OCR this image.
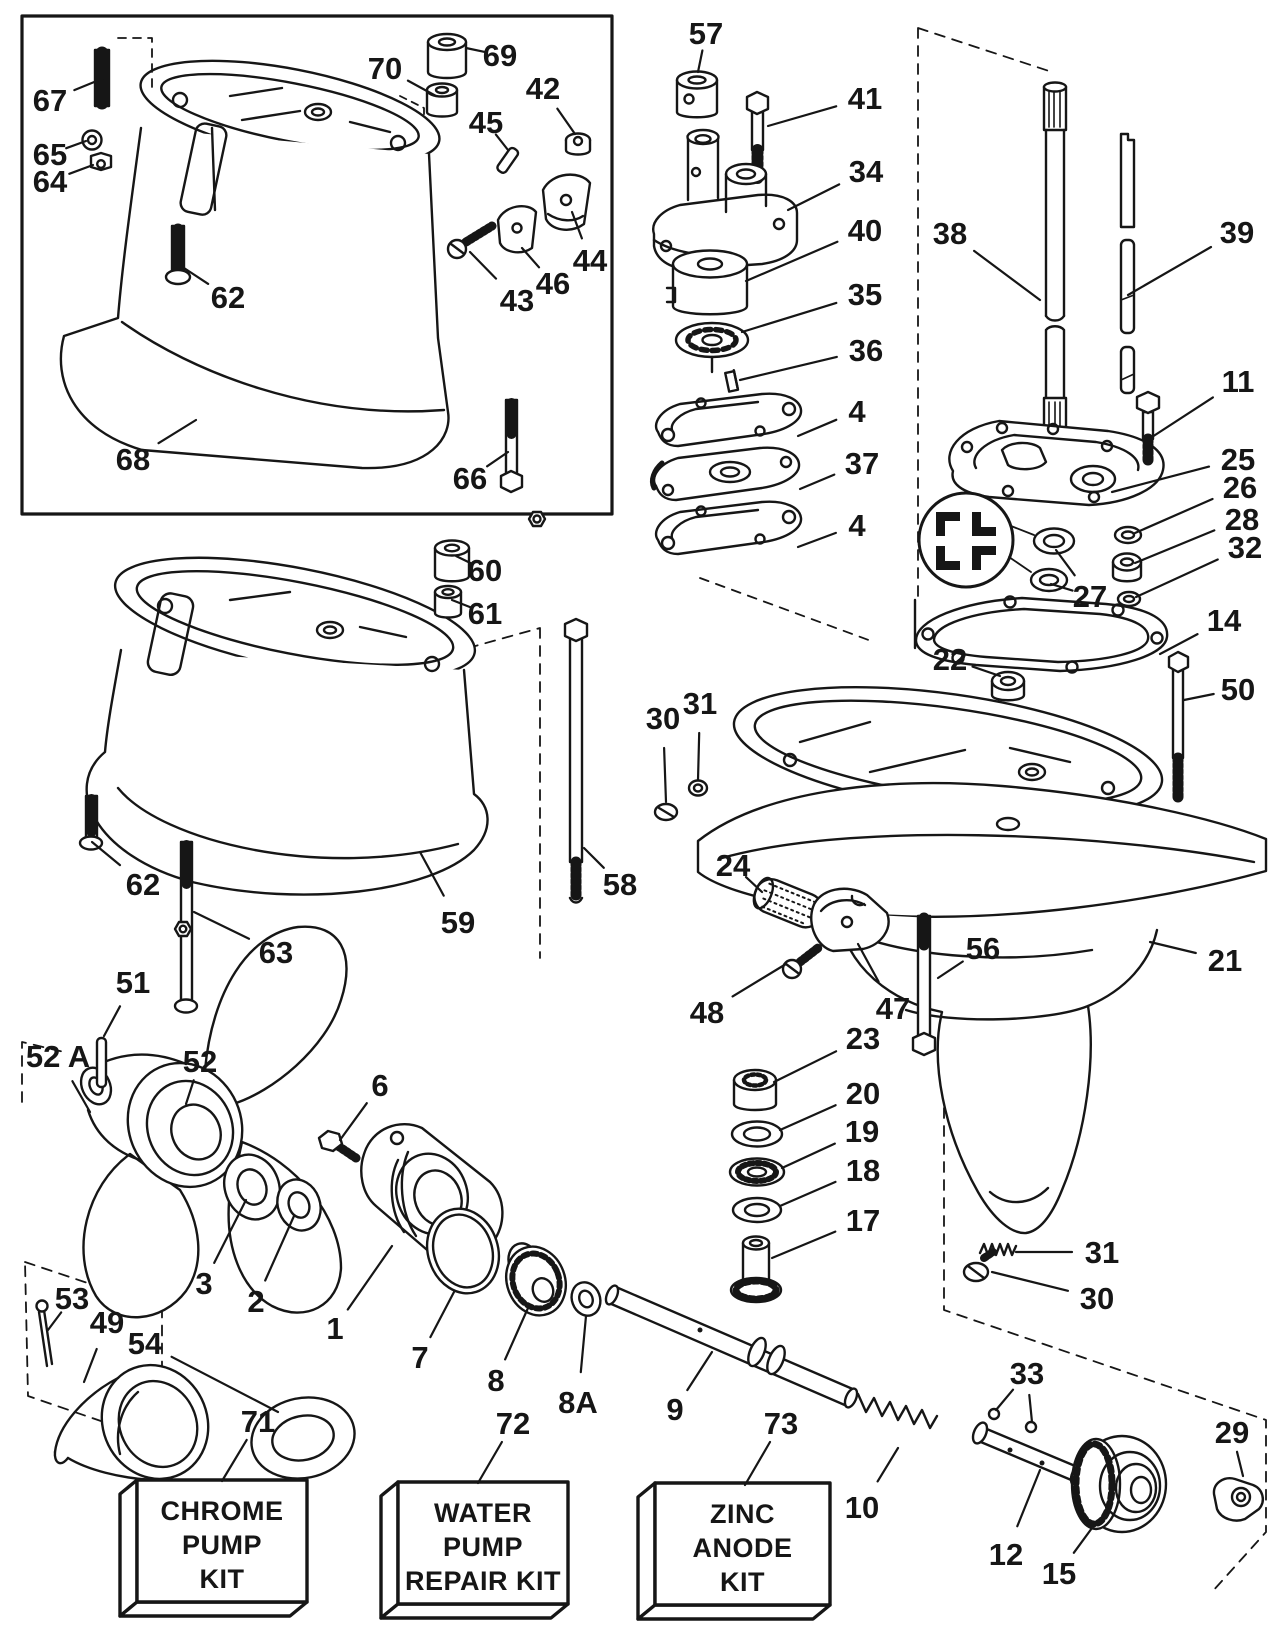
CHROME
PUMP
KIT
71
WATER
PUMP
REPAIR KIT
72
ZINC
ANODE
KIT
73
67
65
64
62
68
66
70	69
45
42
44
46
43
57
41
34
40
35
36
4
37
4
38	39
11
25
26
28
32
14
27
22
50
21
60
61
62
63
59
58
24
48	47
56
23
20
19
18
17
30 31
31
30
33
29
10
12
15
9
51
52 A	52
6
3
2
1
7
8
8A
53
49
54
